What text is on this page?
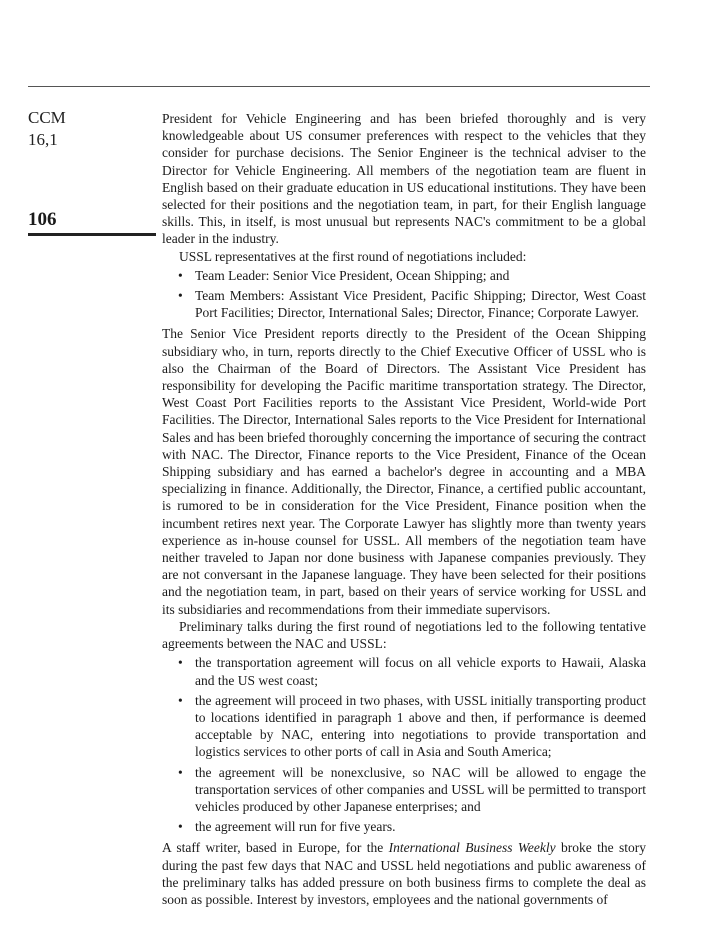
CCM
16,1
106

President for Vehicle Engineering and has been briefed thoroughly and is very knowledgeable about US consumer preferences with respect to the vehicles that they consider for purchase decisions. The Senior Engineer is the technical adviser to the Director for Vehicle Engineering. All members of the negotiation team are fluent in English based on their graduate education in US educational institutions. They have been selected for their positions and the negotiation team, in part, for their English language skills. This, in itself, is most unusual but represents NAC's commitment to be a global leader in the industry.

USSL representatives at the first round of negotiations included:

• Team Leader: Senior Vice President, Ocean Shipping; and
• Team Members: Assistant Vice President, Pacific Shipping; Director, West Coast Port Facilities; Director, International Sales; Director, Finance; Corporate Lawyer.

The Senior Vice President reports directly to the President of the Ocean Shipping subsidiary who, in turn, reports directly to the Chief Executive Officer of USSL who is also the Chairman of the Board of Directors. The Assistant Vice President has responsibility for developing the Pacific maritime transportation strategy. The Director, West Coast Port Facilities reports to the Assistant Vice President, World-wide Port Facilities. The Director, International Sales reports to the Vice President for International Sales and has been briefed thoroughly concerning the importance of securing the contract with NAC. The Director, Finance reports to the Vice President, Finance of the Ocean Shipping subsidiary and has earned a bachelor's degree in accounting and a MBA specializing in finance. Additionally, the Director, Finance, a certified public accountant, is rumored to be in consideration for the Vice President, Finance position when the incumbent retires next year. The Corporate Lawyer has slightly more than twenty years experience as in-house counsel for USSL. All members of the negotiation team have neither traveled to Japan nor done business with Japanese companies previously. They are not conversant in the Japanese language. They have been selected for their positions and the negotiation team, in part, based on their years of service working for USSL and its subsidiaries and recommendations from their immediate supervisors.

Preliminary talks during the first round of negotiations led to the following tentative agreements between the NAC and USSL:

• the transportation agreement will focus on all vehicle exports to Hawaii, Alaska and the US west coast;
• the agreement will proceed in two phases, with USSL initially transporting product to locations identified in paragraph 1 above and then, if performance is deemed acceptable by NAC, entering into negotiations to provide transportation and logistics services to other ports of call in Asia and South America;
• the agreement will be nonexclusive, so NAC will be allowed to engage the transportation services of other companies and USSL will be permitted to transport vehicles produced by other Japanese enterprises; and
• the agreement will run for five years.

A staff writer, based in Europe, for the International Business Weekly broke the story during the past few days that NAC and USSL held negotiations and public awareness of the preliminary talks has added pressure on both business firms to complete the deal as soon as possible. Interest by investors, employees and the national governments of
